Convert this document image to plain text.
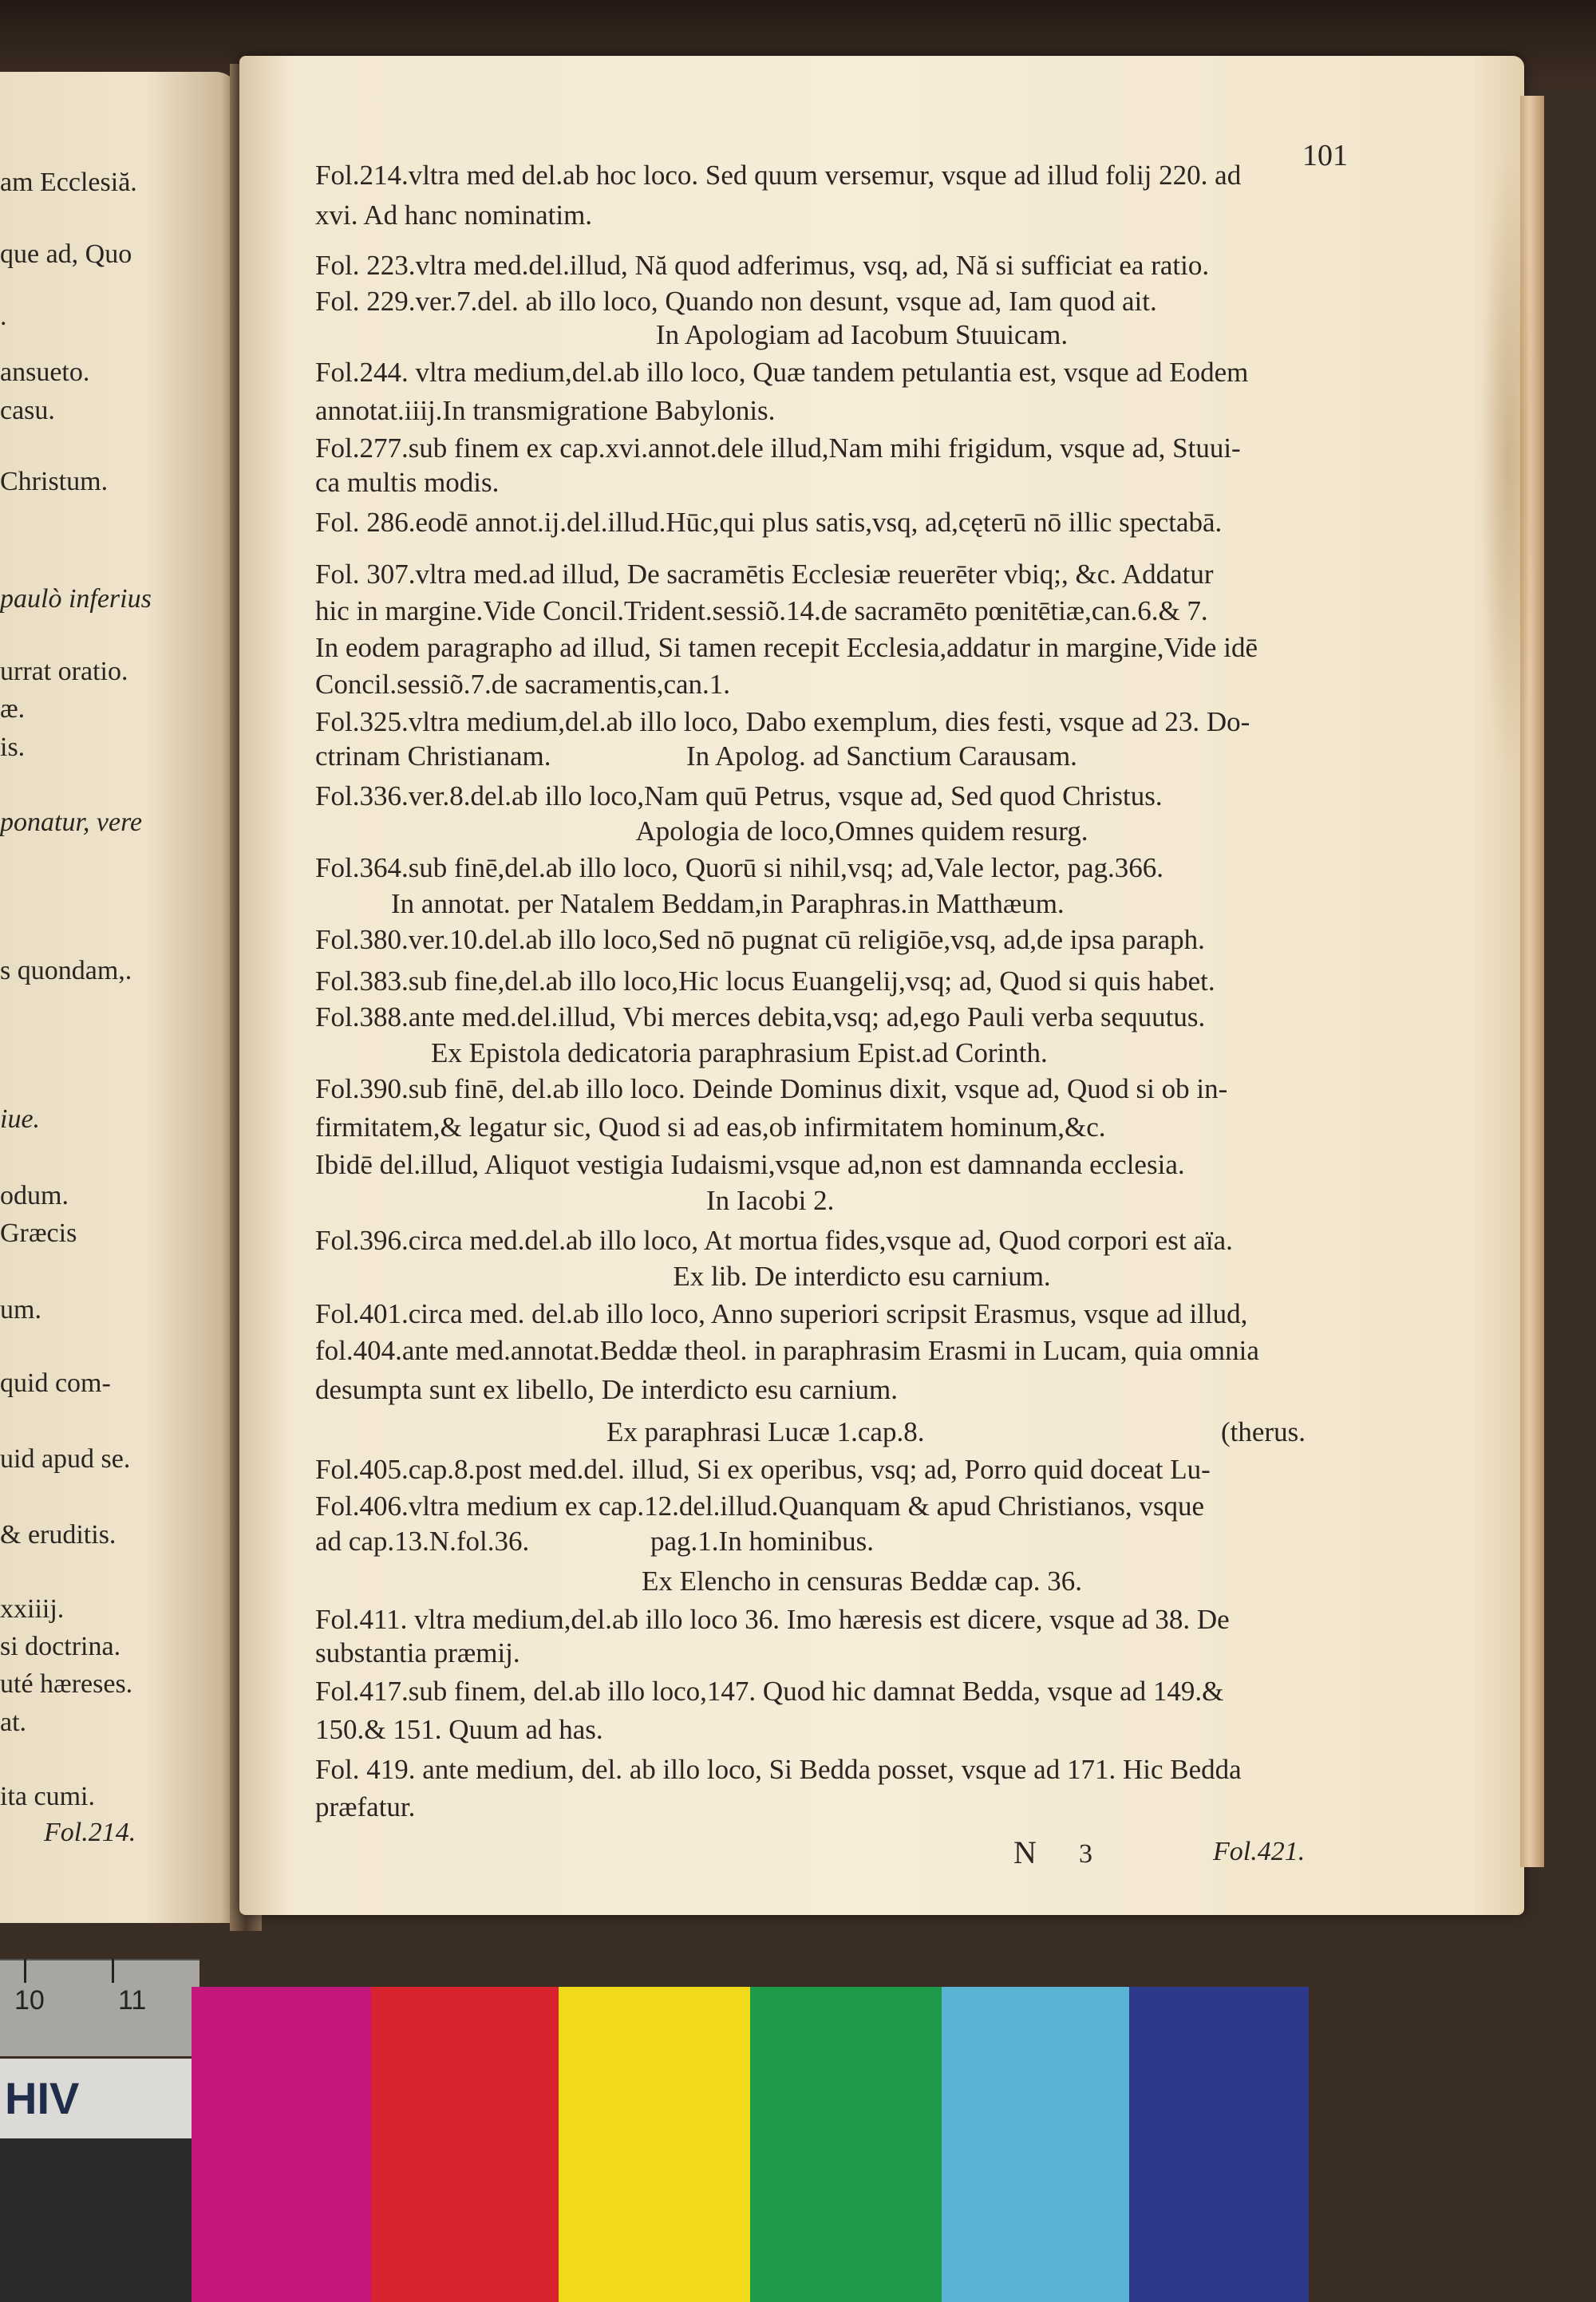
am Ecclesiă.
que ad, Quo
.
ansueto.
casu.
Christum.
paulò inferius
urrat oratio.
æ.
is.
ponatur, vere
s quondam,.
iue.
odum.
Græcis
um.
quid com-
uid apud se.
& eruditis.
xxiiij.
si doctrina.
uté hæreses.
at.
ita cumi.
Fol.214.
101
Fol.214.vltra med del.ab hoc loco. Sed quum versemur, vsque ad illud folij 220. ad
xvi. Ad hanc nominatim.
Fol. 223.vltra med.del.illud, Nă quod adferimus, vsq, ad, Nă si sufficiat ea ratio.
Fol. 229.ver.7.del. ab illo loco, Quando non desunt, vsque ad, Iam quod ait.
In Apologiam ad Iacobum Stuuicam.
Fol.244. vltra medium,del.ab illo loco, Quæ tandem petulantia est, vsque ad Eodem
annotat.iiij.In transmigratione Babylonis.
Fol.277.sub finem ex cap.xvi.annot.dele illud,Nam mihi frigidum, vsque ad, Stuui-
ca multis modis.
Fol. 286.eodē annot.ij.del.illud.Hūc,qui plus satis,vsq, ad,cęterū nō illic spectabā.
Fol. 307.vltra med.ad illud, De sacramētis Ecclesiæ reuerēter vbiq;, &c. Addatur
hic in margine.Vide Concil.Trident.sessiõ.14.de sacramēto pœnitētiæ,can.6.& 7.
In eodem paragrapho ad illud, Si tamen recepit Ecclesia,addatur in margine,Vide idē
Concil.sessiõ.7.de sacramentis,can.1.
Fol.325.vltra medium,del.ab illo loco, Dabo exemplum, dies festi, vsque ad 23. Do-
ctrinam Christianam.	In Apolog. ad Sanctium Carausam.
Fol.336.ver.8.del.ab illo loco,Nam quū Petrus, vsque ad, Sed quod Christus.
Apologia de loco,Omnes quidem resurg.
Fol.364.sub finē,del.ab illo loco, Quorū si nihil,vsq; ad,Vale lector, pag.366.
In annotat. per Natalem Beddam,in Paraphras.in Matthæum.
Fol.380.ver.10.del.ab illo loco,Sed nō pugnat cū religiōe,vsq, ad,de ipsa paraph.
Fol.383.sub fine,del.ab illo loco,Hic locus Euangelij,vsq; ad, Quod si quis habet.
Fol.388.ante med.del.illud, Vbi merces debita,vsq; ad,ego Pauli verba sequutus.
Ex Epistola dedicatoria paraphrasium Epist.ad Corinth.
Fol.390.sub finē, del.ab illo loco. Deinde Dominus dixit, vsque ad, Quod si ob in-
firmitatem,& legatur sic, Quod si ad eas,ob infirmitatem hominum,&c.
Ibidē del.illud, Aliquot vestigia Iudaismi,vsque ad,non est damnanda ecclesia.
In Iacobi 2.
Fol.396.circa med.del.ab illo loco, At mortua fides,vsque ad, Quod corpori est aïa.
Ex lib. De interdicto esu carnium.
Fol.401.circa med. del.ab illo loco, Anno superiori scripsit Erasmus, vsque ad illud,
fol.404.ante med.annotat.Beddæ theol. in paraphrasim Erasmi in Lucam, quia omnia
desumpta sunt ex libello, De interdicto esu carnium.
Ex paraphrasi Lucæ 1.cap.8.	(therus.
Fol.405.cap.8.post med.del. illud, Si ex operibus, vsq; ad, Porro quid doceat Lu-
Fol.406.vltra medium ex cap.12.del.illud.Quanquam & apud Christianos, vsque
ad cap.13.N.fol.36.	pag.1.In hominibus.
Ex Elencho in censuras Beddæ cap. 36.
Fol.411. vltra medium,del.ab illo loco 36. Imo hæresis est dicere, vsque ad 38. De
substantia præmij.
Fol.417.sub finem, del.ab illo loco,147. Quod hic damnat Bedda, vsque ad 149.&
150.& 151. Quum ad has.
Fol. 419. ante medium, del. ab illo loco, Si Bedda posset, vsque ad 171. Hic Bedda
præfatur.
N 3	Fol.421.
10	11
HIV
